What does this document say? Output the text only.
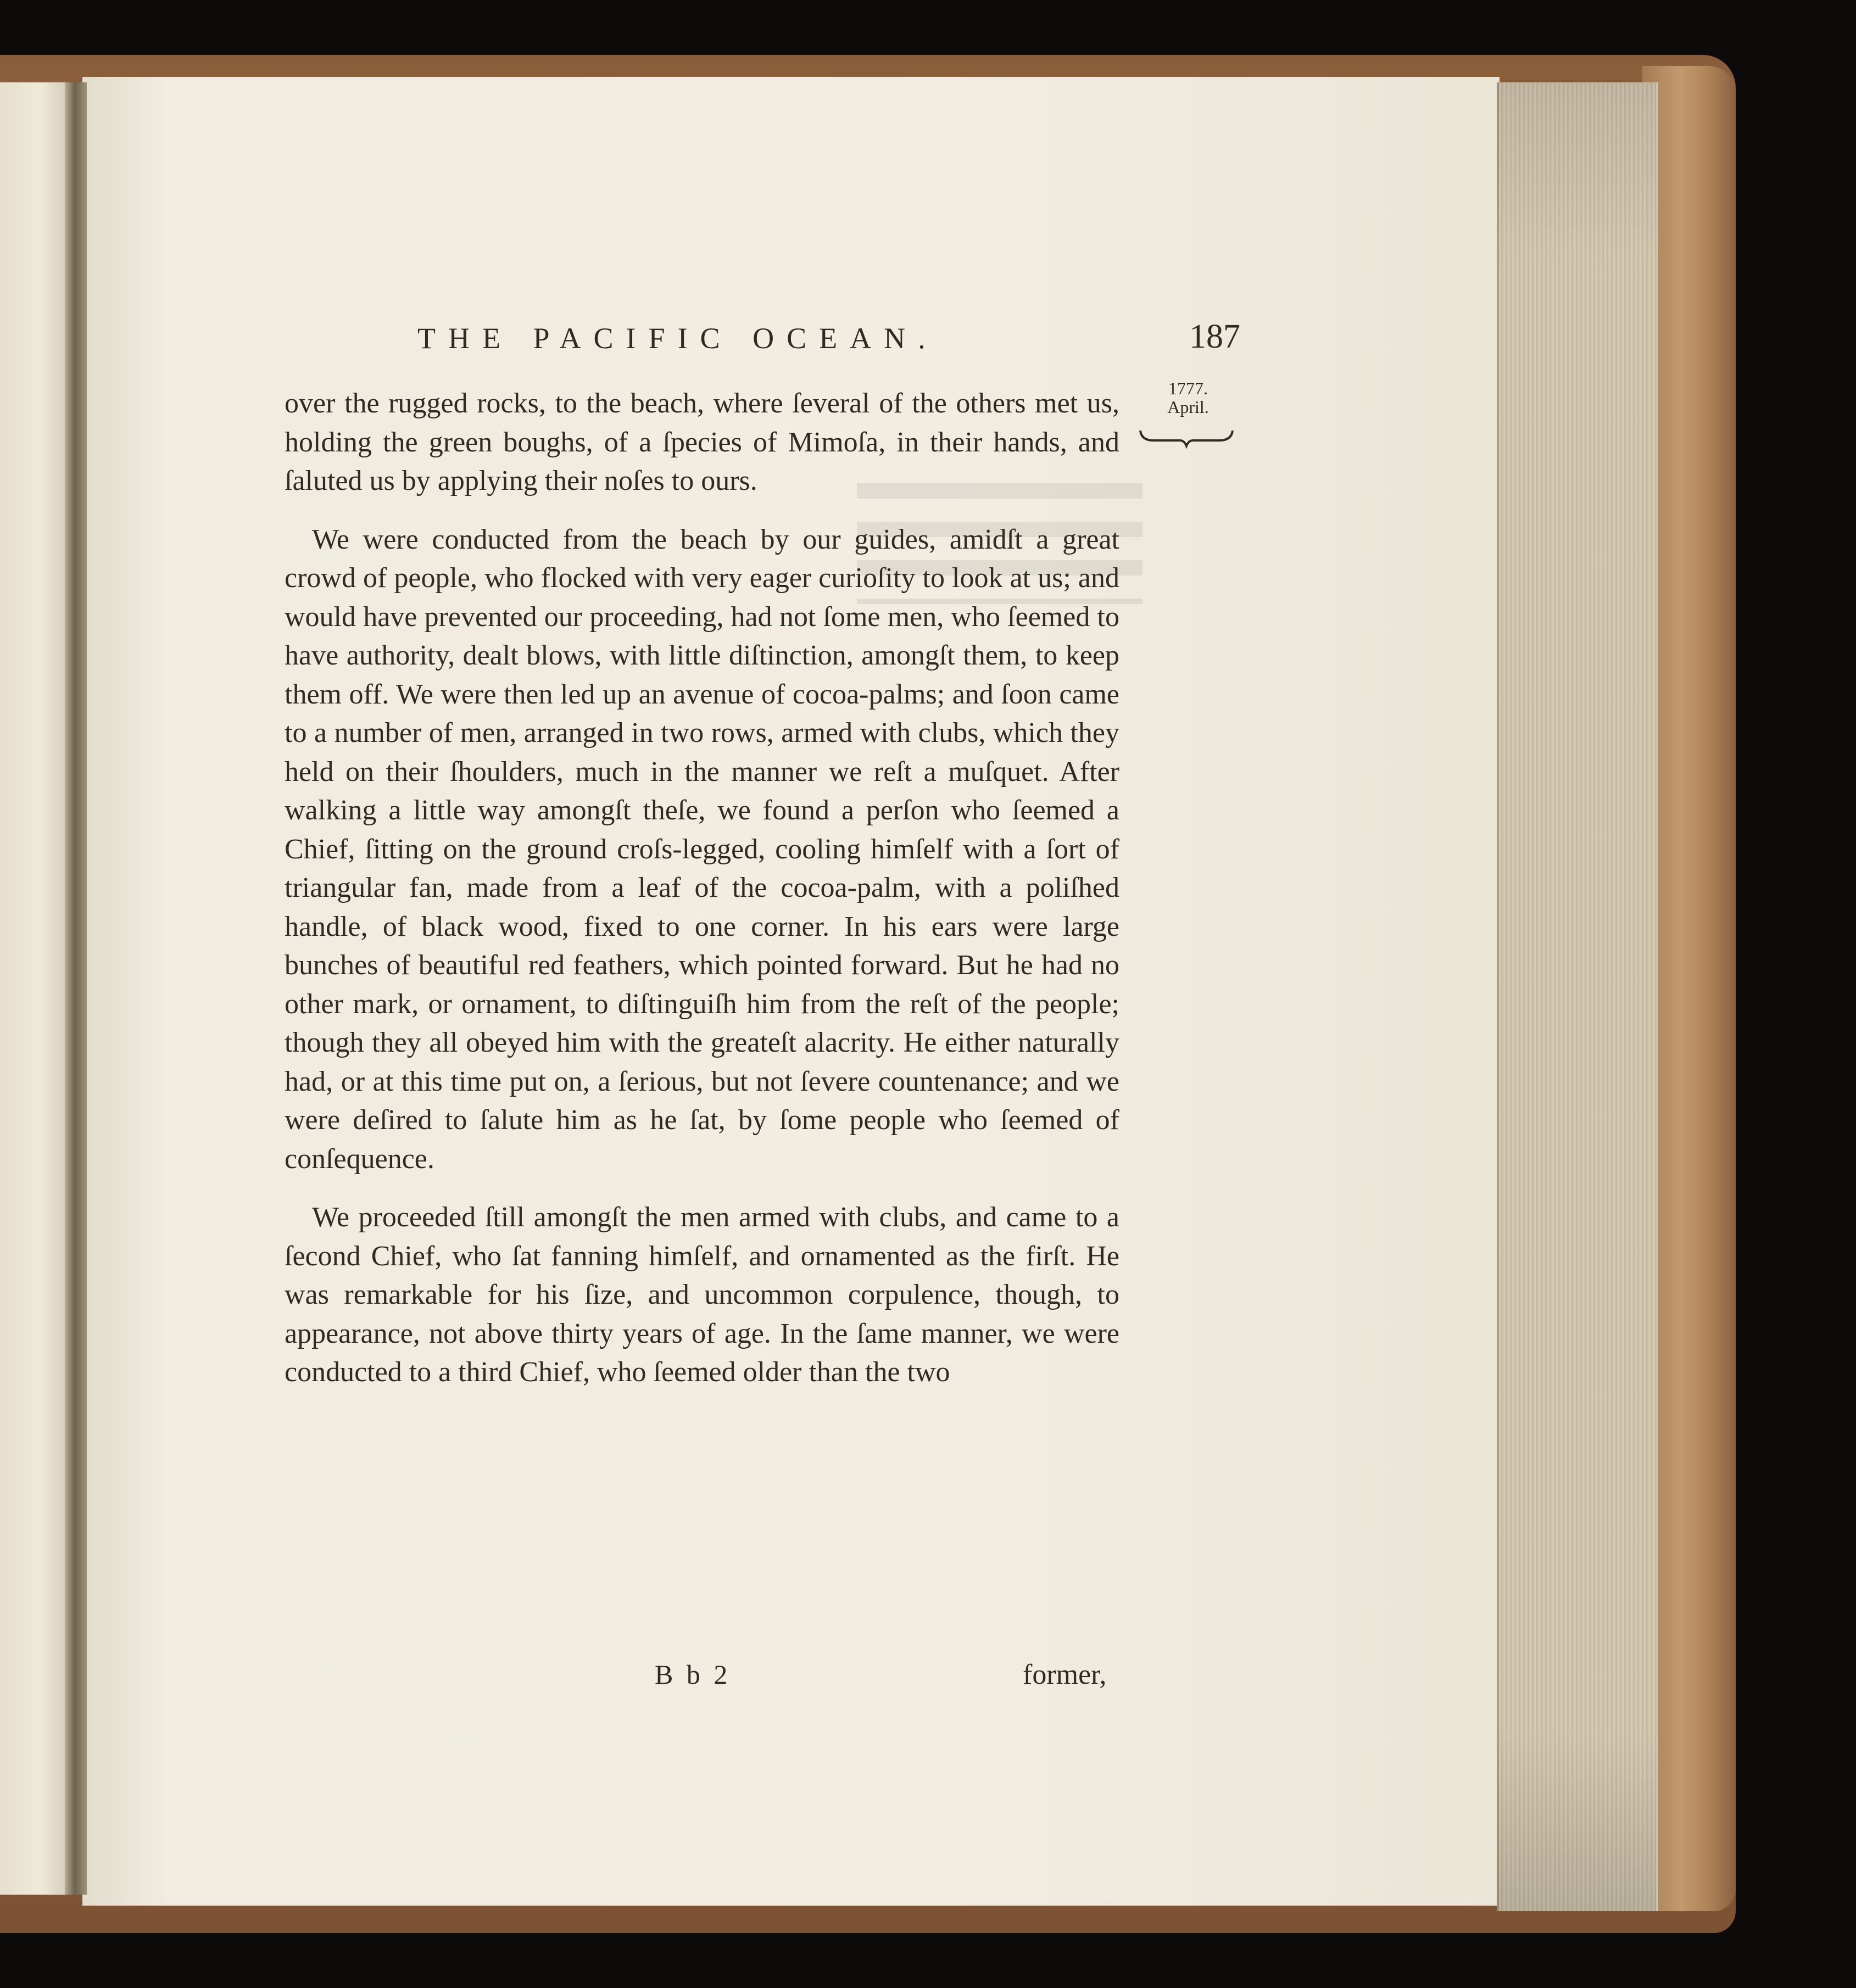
THE PACIFIC OCEAN.	187
1777.
April.

over the rugged rocks, to the beach, where ſeveral of the others met us, holding the green boughs, of a ſpecies of Mimoſa, in their hands, and ſaluted us by applying their noſes to ours.

We were conducted from the beach by our guides, amidſt a great crowd of people, who flocked with very eager curioſity to look at us; and would have prevented our proceeding, had not ſome men, who ſeemed to have authority, dealt blows, with little diſtinction, amongſt them, to keep them off. We were then led up an avenue of cocoa-palms; and ſoon came to a number of men, arranged in two rows, armed with clubs, which they held on their ſhoulders, much in the manner we reſt a muſquet. After walking a little way amongſt theſe, we found a perſon who ſeemed a Chief, ſitting on the ground croſs-legged, cooling himſelf with a ſort of triangular fan, made from a leaf of the cocoa-palm, with a poliſhed handle, of black wood, fixed to one corner. In his ears were large bunches of beautiful red feathers, which pointed forward. But he had no other mark, or ornament, to diſtinguiſh him from the reſt of the people; though they all obeyed him with the greateſt alacrity. He either naturally had, or at this time put on, a ſerious, but not ſevere countenance; and we were deſired to ſalute him as he ſat, by ſome people who ſeemed of conſequence.

We proceeded ſtill amongſt the men armed with clubs, and came to a ſecond Chief, who ſat fanning himſelf, and ornamented as the firſt. He was remarkable for his ſize, and uncommon corpulence, though, to appearance, not above thirty years of age. In the ſame manner, we were conducted to a third Chief, who ſeemed older than the two

B b 2	former,
